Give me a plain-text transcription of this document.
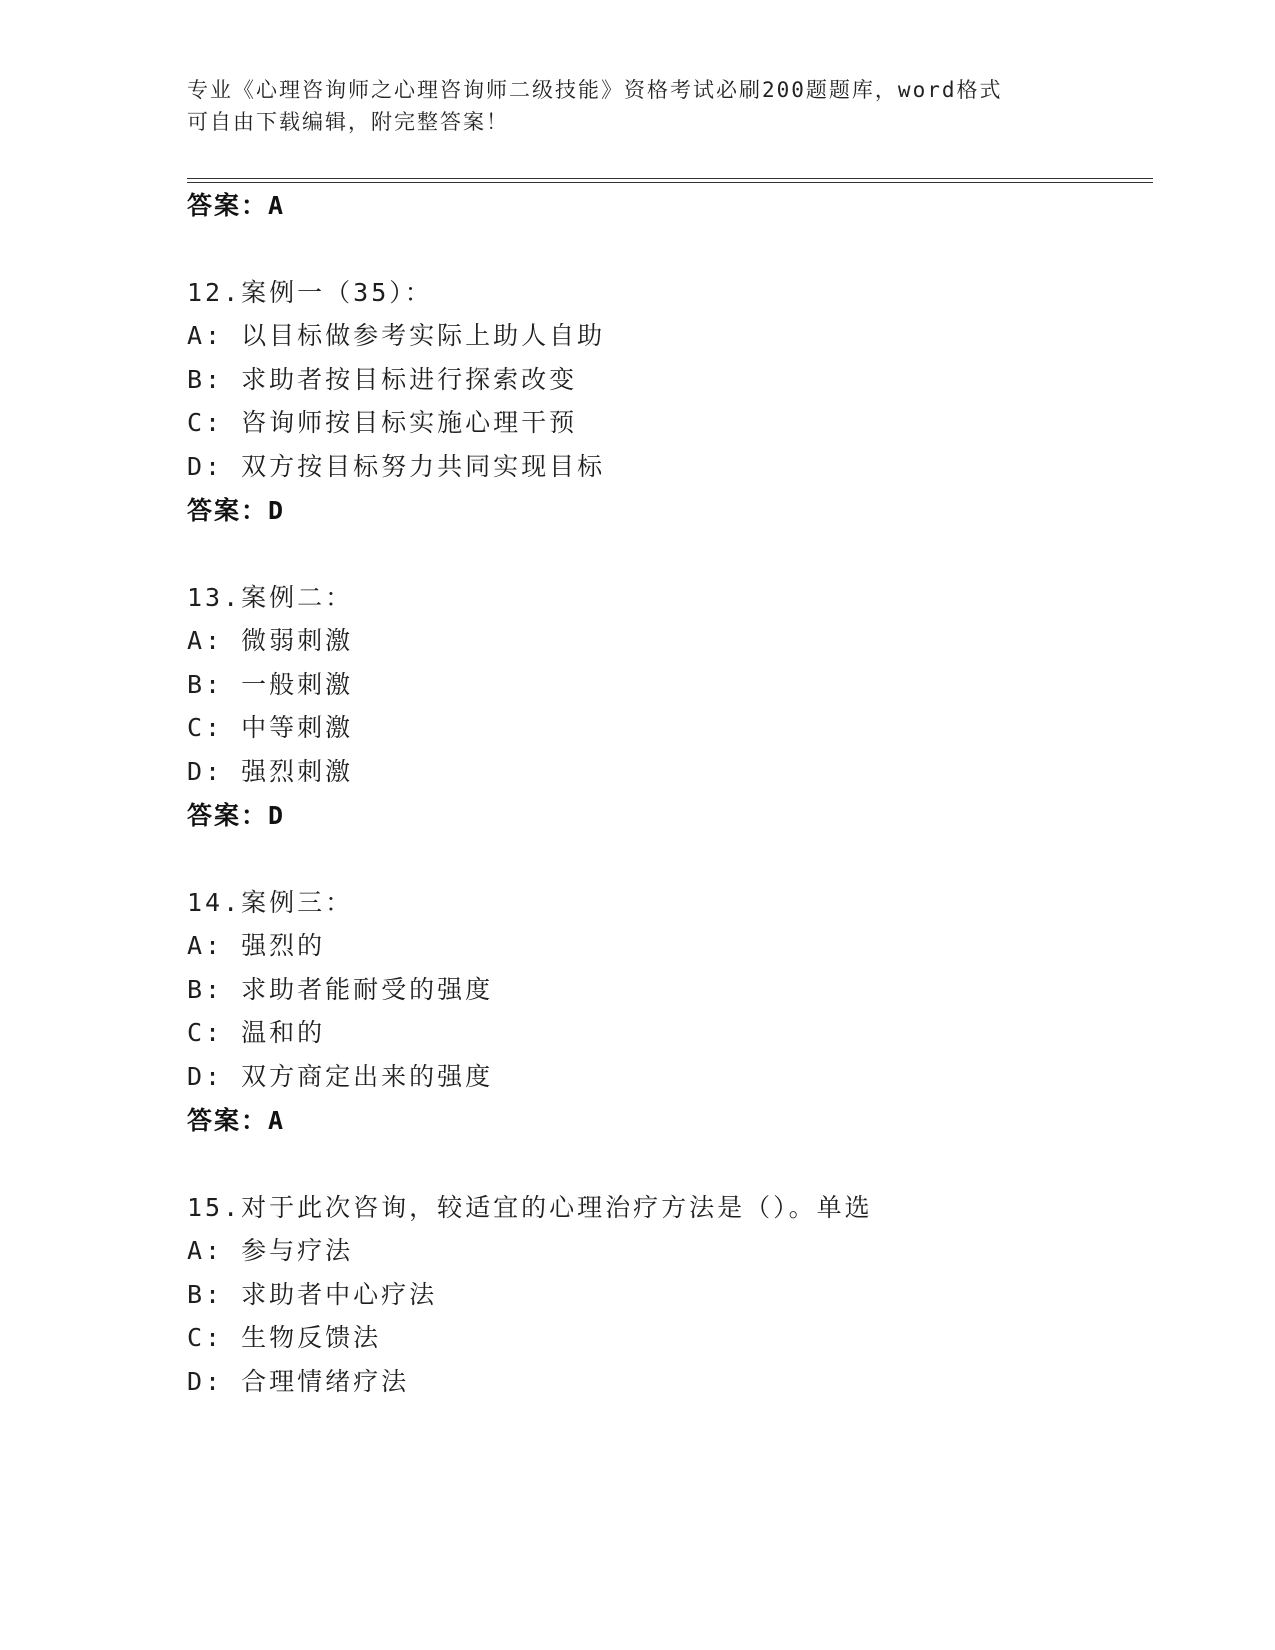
专业《心理咨询师之心理咨询师二级技能》资格考试必刷200题题库，word格式
可自由下载编辑，附完整答案！
答案：A
12.案例一（35）：
A: 以目标做参考实际上助人自助
B: 求助者按目标进行探索改变
C: 咨询师按目标实施心理干预
D: 双方按目标努力共同实现目标
答案：D
13.案例二：
A: 微弱刺激
B: 一般刺激
C: 中等刺激
D: 强烈刺激
答案：D
14.案例三：
A: 强烈的
B: 求助者能耐受的强度
C: 温和的
D: 双方商定出来的强度
答案：A
15.对于此次咨询，较适宜的心理治疗方法是（）。单选
A: 参与疗法
B: 求助者中心疗法
C: 生物反馈法
D: 合理情绪疗法
